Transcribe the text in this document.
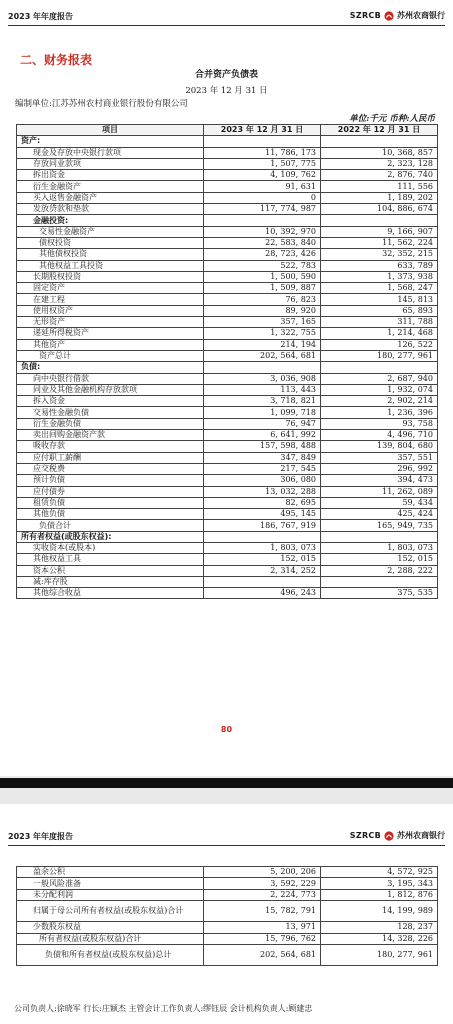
2023 年年度报告	SZRCB 苏州农商银行
二、财务报表
合并资产负债表
2023 年 12 月 31 日
编制单位:江苏苏州农村商业银行股份有限公司
单位:千元 币种:人民币
项目	2023 年 12 月 31 日	2022 年 12 月 31 日
资产:		
现金及存放中央银行款项	11, 786, 173	10, 368, 857
存放同业款项	1, 507, 775	2, 323, 128
拆出资金	4, 109, 762	2, 876, 740
衍生金融资产	91, 631	111, 556
买入返售金融资产	0	1, 189, 202
发放贷款和垫款	117, 774, 987	104, 886, 674
金融投资:		
交易性金融资产	10, 392, 970	9, 166, 907
债权投资	22, 583, 840	11, 562, 224
其他债权投资	28, 723, 426	32, 352, 215
其他权益工具投资	522, 783	633, 789
长期股权投资	1, 500, 590	1, 373, 938
固定资产	1, 509, 887	1, 568, 247
在建工程	76, 823	145, 813
使用权资产	89, 920	65, 893
无形资产	357, 165	311, 788
递延所得税资产	1, 322, 755	1, 214, 468
其他资产	214, 194	126, 522
资产总计	202, 564, 681	180, 277, 961
负债:		
向中央银行借款	3, 036, 908	2, 687, 940
同业及其他金融机构存放款项	113, 443	1, 932, 074
拆入资金	3, 718, 821	2, 902, 214
交易性金融负债	1, 099, 718	1, 236, 396
衍生金融负债	76, 947	93, 758
卖出回购金融资产款	6, 641, 992	4, 496, 710
吸收存款	157, 598, 488	139, 804, 680
应付职工薪酬	347, 849	357, 551
应交税费	217, 545	296, 992
预计负债	306, 080	394, 473
应付债券	13, 032, 288	11, 262, 089
租赁负债	82, 695	59, 434
其他负债	495, 145	425, 424
负债合计	186, 767, 919	165, 949, 735
所有者权益(或股东权益):		
实收资本(或股本)	1, 803, 073	1, 803, 073
其他权益工具	152, 015	152, 015
资本公积	2, 314, 252	2, 288, 222
减:库存股		
其他综合收益	496, 243	375, 535
80
2023 年年度报告	SZRCB 苏州农商银行
盈余公积	5, 200, 206	4, 572, 925
一般风险准备	3, 592, 229	3, 195, 343
未分配利润	2, 224, 773	1, 812, 876
归属于母公司所有者权益(或股东权益)合计	15, 782, 791	14, 199, 989
少数股东权益	13, 971	128, 237
所有者权益(或股东权益)合计	15, 796, 762	14, 328, 226
负债和所有者权益(或股东权益)总计	202, 564, 681	180, 277, 961
公司负责人:徐晓军 行长:庄颖杰 主管会计工作负责人:缪钰辰 会计机构负责人:顾建忠
